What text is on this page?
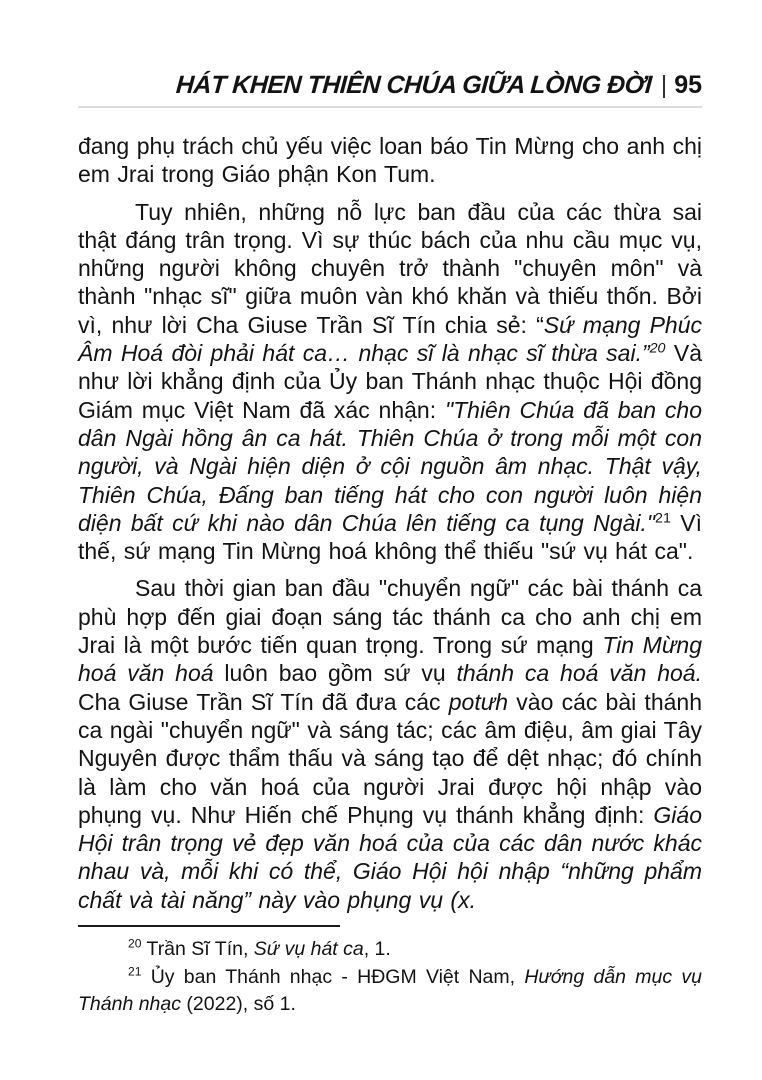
HÁT KHEN THIÊN CHÚA GIỮA LÒNG ĐỜI | 95

đang phụ trách chủ yếu việc loan báo Tin Mừng cho anh chị em Jrai trong Giáo phận Kon Tum.

Tuy nhiên, những nỗ lực ban đầu của các thừa sai thật đáng trân trọng. Vì sự thúc bách của nhu cầu mục vụ, những người không chuyên trở thành "chuyên môn" và thành "nhạc sĩ" giữa muôn vàn khó khăn và thiếu thốn. Bởi vì, như lời Cha Giuse Trần Sĩ Tín chia sẻ: “Sứ mạng Phúc Âm Hoá đòi phải hát ca… nhạc sĩ là nhạc sĩ thừa sai.”$^{20}$ Và như lời khẳng định của Ủy ban Thánh nhạc thuộc Hội đồng Giám mục Việt Nam đã xác nhận: "Thiên Chúa đã ban cho dân Ngài hồng ân ca hát. Thiên Chúa ở trong mỗi một con người, và Ngài hiện diện ở cội nguồn âm nhạc. Thật vậy, Thiên Chúa, Đấng ban tiếng hát cho con người luôn hiện diện bất cứ khi nào dân Chúa lên tiếng ca tụng Ngài."$^{21}$ Vì thế, sứ mạng Tin Mừng hoá không thể thiếu "sứ vụ hát ca".

Sau thời gian ban đầu "chuyển ngữ" các bài thánh ca phù hợp đến giai đoạn sáng tác thánh ca cho anh chị em Jrai là một bước tiến quan trọng. Trong sứ mạng Tin Mừng hoá văn hoá luôn bao gồm sứ vụ thánh ca hoá văn hoá. Cha Giuse Trần Sĩ Tín đã đưa các potưh vào các bài thánh ca ngài "chuyển ngữ" và sáng tác; các âm điệu, âm giai Tây Nguyên được thẩm thấu và sáng tạo để dệt nhạc; đó chính là làm cho văn hoá của người Jrai được hội nhập vào phụng vụ. Như Hiến chế Phụng vụ thánh khẳng định: Giáo Hội trân trọng vẻ đẹp văn hoá của của các dân nước khác nhau và, mỗi khi có thể, Giáo Hội hội nhập “những phẩm chất và tài năng” này vào phụng vụ (x.

$^{20}$ Trần Sĩ Tín, Sứ vụ hát ca, 1.

$^{21}$ Ủy ban Thánh nhạc - HĐGM Việt Nam, Hướng dẫn mục vụ Thánh nhạc (2022), số 1.
